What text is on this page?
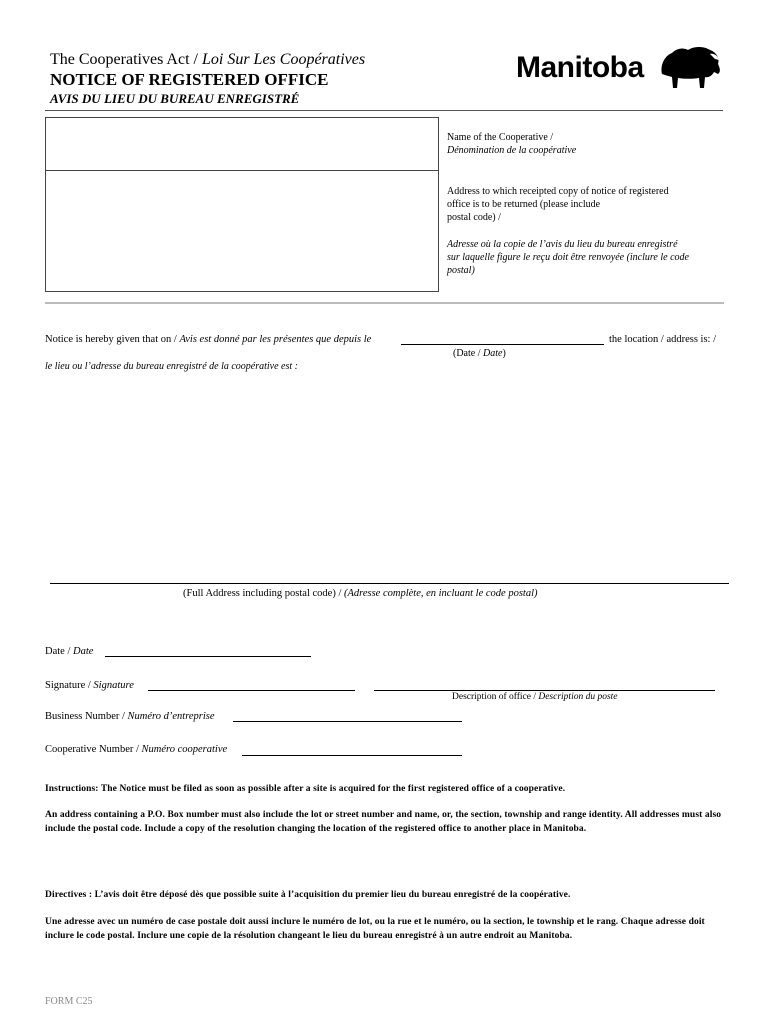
The Cooperatives Act / Loi Sur Les Coopératives
NOTICE OF REGISTERED OFFICE
AVIS DU LIEU DU BUREAU ENREGISTRÉ
Manitoba
Name of the Cooperative /
Dénomination de la coopérative
Address to which receipted copy of notice of registered
office is to be returned (please include
postal code) /
Adresse où la copie de l’avis du lieu du bureau enregistré
sur laquelle figure le reçu doit être renvoyée (inclure le code
postal)
Notice is hereby given that on / Avis est donné par les présentes que depuis le	the location / address is: /
(Date / Date)
le lieu ou l’adresse du bureau enregistré de la coopérative est :
(Full Address including postal code) / (Adresse complète, en incluant le code postal)
Date / Date
Signature / Signature
Description of office / Description du poste
Business Number / Numéro d’entreprise
Cooperative Number / Numéro cooperative
Instructions: The Notice must be filed as soon as possible after a site is acquired for the first registered office of a cooperative.
An address containing a P.O. Box number must also include the lot or street number and name, or, the section, township and range identity. All addresses must also include the postal code. Include a copy of the resolution changing the location of the registered office to another place in Manitoba.
Directives : L’avis doit être déposé dès que possible suite à l’acquisition du premier lieu du bureau enregistré de la coopérative.
Une adresse avec un numéro de case postale doit aussi inclure le numéro de lot, ou la rue et le numéro, ou la section, le township et le rang. Chaque adresse doit inclure le code postal. Inclure une copie de la résolution changeant le lieu du bureau enregistré à un autre endroit au Manitoba.
FORM C25
